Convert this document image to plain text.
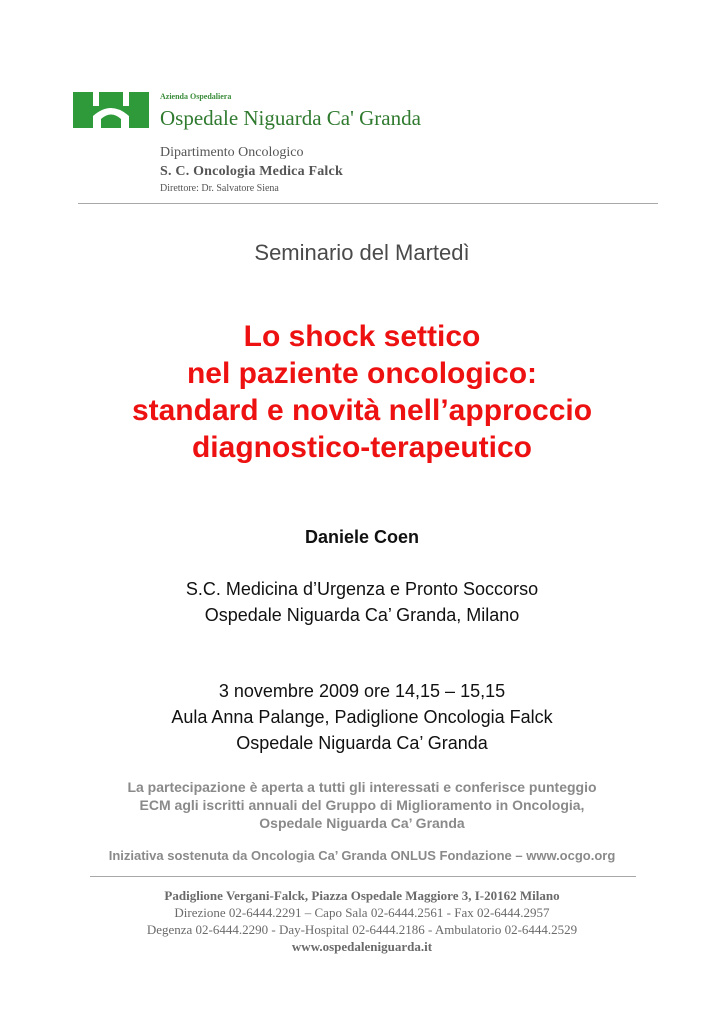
Azienda Ospedaliera
Ospedale Niguarda Ca' Granda
Dipartimento Oncologico
S. C. Oncologia Medica Falck
Direttore: Dr. Salvatore Siena
Seminario del Martedì
Lo shock settico
nel paziente oncologico:
standard e novità nell’approccio
diagnostico-terapeutico
Daniele Coen
S.C. Medicina d’Urgenza e Pronto Soccorso
Ospedale Niguarda Ca’ Granda, Milano
3 novembre 2009 ore 14,15 – 15,15
Aula Anna Palange, Padiglione Oncologia Falck
Ospedale Niguarda Ca’ Granda
La partecipazione è aperta a tutti gli interessati e conferisce punteggio
ECM agli iscritti annuali del Gruppo di Miglioramento in Oncologia,
Ospedale Niguarda Ca’ Granda
Iniziativa sostenuta da Oncologia Ca’ Granda ONLUS Fondazione – www.ocgo.org
Padiglione Vergani-Falck, Piazza Ospedale Maggiore 3, I-20162 Milano
Direzione 02-6444.2291 – Capo Sala 02-6444.2561 - Fax 02-6444.2957
Degenza 02-6444.2290 - Day-Hospital 02-6444.2186 - Ambulatorio 02-6444.2529
www.ospedaleniguarda.it
